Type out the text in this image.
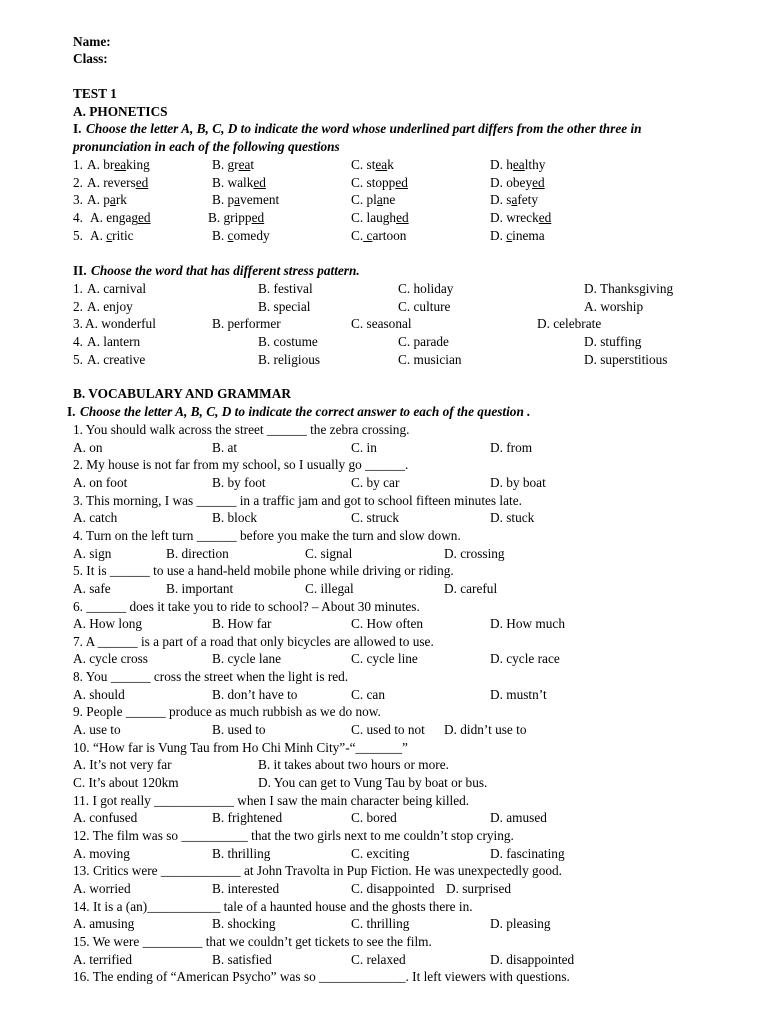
Name:
Class:
TEST 1
A. PHONETICS
I. Choose the letter A, B, C, D to indicate the word whose underlined part differs from the other three in
pronunciation in each of the following questions
1. A. breaking	B. great	C. steak	D. healthy
2. A. reversed	B. walked	C. stopped	D. obeyed
3. A. park	B. pavement	C. plane	D. safety
4. A. engaged	B. gripped	C. laughed	D. wrecked
5. A. critic	B. comedy	C. cartoon	D. cinema
II. Choose the word that has different stress pattern.
1. A. carnival	B. festival	C. holiday	D. Thanksgiving
2. A. enjoy	B. special	C. culture	A. worship
3. A. wonderful	B. performer	C. seasonal	D. celebrate
4. A. lantern	B. costume	C. parade	D. stuffing
5. A. creative	B. religious	C. musician	D. superstitious
B. VOCABULARY AND GRAMMAR
I. Choose the letter A, B, C, D to indicate the correct answer to each of the question .
1. You should walk across the street ______ the zebra crossing.
A. on	B. at	C. in	D. from
2. My house is not far from my school, so I usually go ______.
A. on foot	B. by foot	C. by car	D. by boat
3. This morning, I was ______ in a traffic jam and got to school fifteen minutes late.
A. catch	B. block	C. struck	D. stuck
4. Turn on the left turn ______ before you make the turn and slow down.
A. sign	B. direction	C. signal	D. crossing
5. It is ______ to use a hand-held mobile phone while driving or riding.
A. safe	B. important	C. illegal	D. careful
6. ______ does it take you to ride to school? – About 30 minutes.
A. How long	B. How far	C. How often	D. How much
7. A ______ is a part of a road that only bicycles are allowed to use.
A. cycle cross	B. cycle lane	C. cycle line	D. cycle race
8. You ______ cross the street when the light is red.
A. should	B. don’t have to	C. can	D. mustn’t
9. People ______ produce as much rubbish as we do now.
A. use to	B. used to	C. used to not D. didn’t use to
10. “How far is Vung Tau from Ho Chi Minh City”-“_______”
A. It’s not very far	B. it takes about two hours or more.
C. It’s about 120km	D. You can get to Vung Tau by boat or bus.
11. I got really ____________ when I saw the main character being killed.
A. confused	B. frightened	C. bored	D. amused
12. The film was so __________ that the two girls next to me couldn’t stop crying.
A. moving	B. thrilling	C. exciting	D. fascinating
13. Critics were ____________ at John Travolta in Pup Fiction. He was unexpectedly good.
A. worried	B. interested	C. disappointed D. surprised
14. It is a (an)___________ tale of a haunted house and the ghosts there in.
A. amusing	B. shocking	C. thrilling	D. pleasing
15. We were _________ that we couldn’t get tickets to see the film.
A. terrified	B. satisfied	C. relaxed	D. disappointed
16. The ending of “American Psycho” was so _____________. It left viewers with questions.
